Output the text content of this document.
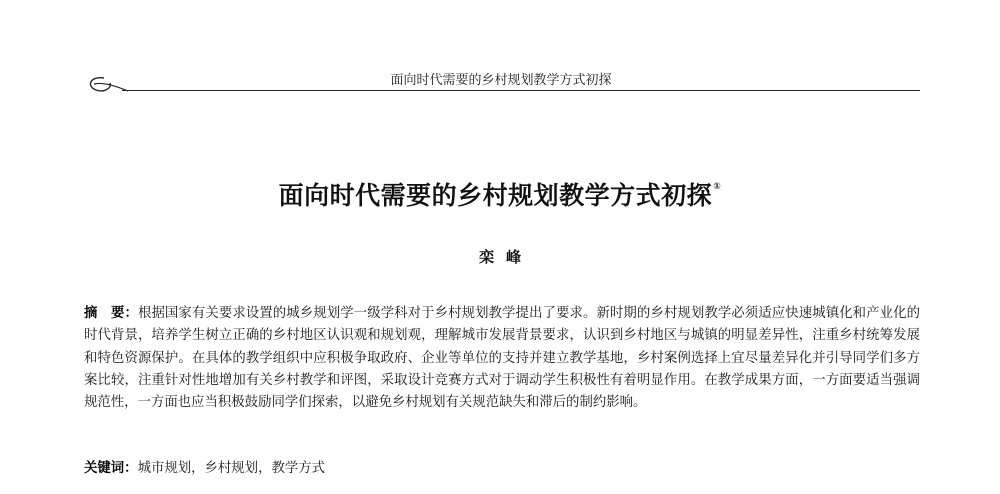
面向时代需要的乡村规划教学方式初探
面向时代需要的乡村规划教学方式初探①
栾峰
摘　要：根据国家有关要求设置的城乡规划学一级学科对于乡村规划教学提出了要求。新时期的乡村规划教学必须适应快速城镇化和产业化的时代背景，培养学生树立正确的乡村地区认识观和规划观，理解城市发展背景要求，认识到乡村地区与城镇的明显差异性，注重乡村统筹发展和特色资源保护。在具体的教学组织中应积极争取政府、企业等单位的支持并建立教学基地，乡村案例选择上宜尽量差异化并引导同学们多方案比较，注重针对性地增加有关乡村教学和评图，采取设计竞赛方式对于调动学生积极性有着明显作用。在教学成果方面，一方面要适当强调规范性，一方面也应当积极鼓励同学们探索，以避免乡村规划有关规范缺失和滞后的制约影响。
关键词：城市规划，乡村规划，教学方式
